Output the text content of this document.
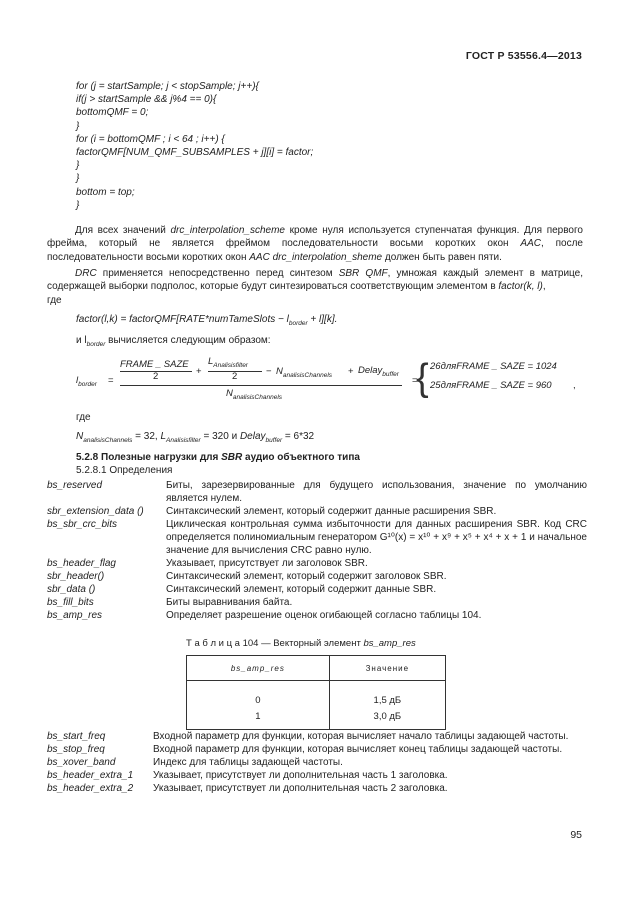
ГОСТ Р 53556.4—2013
for (j = startSample; j < stopSample; j++){
if(j > startSample && j%4 == 0){
bottomQMF = 0;
}
for (i = bottomQMF ; i < 64 ; i++) {
factorQMF[NUM_QMF_SUBSAMPLES + j][i] = factor;
}
}
bottom = top;
}
Для всех значений drc_interpolation_scheme кроме нуля используется ступенчатая функция. Для первого фрейма, который не является фреймом последовательности восьми коротких окон AAC, после последовательности восьми коротких окон AAC drc_interpolation_sheme должен быть равен пяти.
DRC применяется непосредственно перед синтезом SBR QMF, умножая каждый элемент в матрице, содержащей выборки подполос, которые будут синтезироваться соответствующим элементом в factor(k, l),
где
factor(l,k) = factorQMF[RATE*numTameSlots − $l_{border} + l][k]$.
и $l_{border}$ вычисляется следующим образом:
$l_{border}$ =
FRAME _ SAZE
2	+
$L_{Analisisfilter}$
2	− $N_{analisisChannels}$ + Delay$_{buffer}$
$N_{analisisChannels}$
=
{ 26дляFRAME _ SAZE = 1024
25дляFRAME _ SAZE = 960 ,
где
$N_{analisisChannels} = 32$, $L_{Analisisfilter} = 320$ и Delay$_{buffer}$ = 6*32
5.2.8 Полезные нагрузки для SBR аудио объектного типа
5.2.8.1 Определения
bs_reserved	Биты, зарезервированные для будущего использования, значение по умолчанию является нулем.
sbr_extension_data ()	Синтаксический элемент, который содержит данные расширения SBR.
bs_sbr_crc_bits	Циклическая контрольная сумма избыточности для данных расширения SBR. Код CRC определяется полиномиальным генератором G¹⁰(x) = x¹⁰ + x⁹ + x⁵ + x⁴ + x + 1 и начальное значение для вычисления CRC равно нулю.
bs_header_flag	Указывает, присутствует ли заголовок SBR.
sbr_header()	Синтаксический элемент, который содержит заголовок SBR.
sbr_data ()	Синтаксический элемент, который содержит данные SBR.
bs_fill_bits	Биты выравнивания байта.
bs_amp_res	Определяет разрешение оценок огибающей согласно таблицы 104.
Т а б л и ц а 104 — Векторный элемент bs_amp_res
bs_amp_res	Значение
0	1,5 дБ
1	3,0 дБ
bs_start_freq	Входной параметр для функции, которая вычисляет начало таблицы задающей частоты.
bs_stop_freq	Входной параметр для функции, которая вычисляет конец таблицы задающей частоты.
bs_xover_band	Индекс для таблицы задающей частоты.
bs_header_extra_1	Указывает, присутствует ли дополнительная часть 1 заголовка.
bs_header_extra_2	Указывает, присутствует ли дополнительная часть 2 заголовка.
95
